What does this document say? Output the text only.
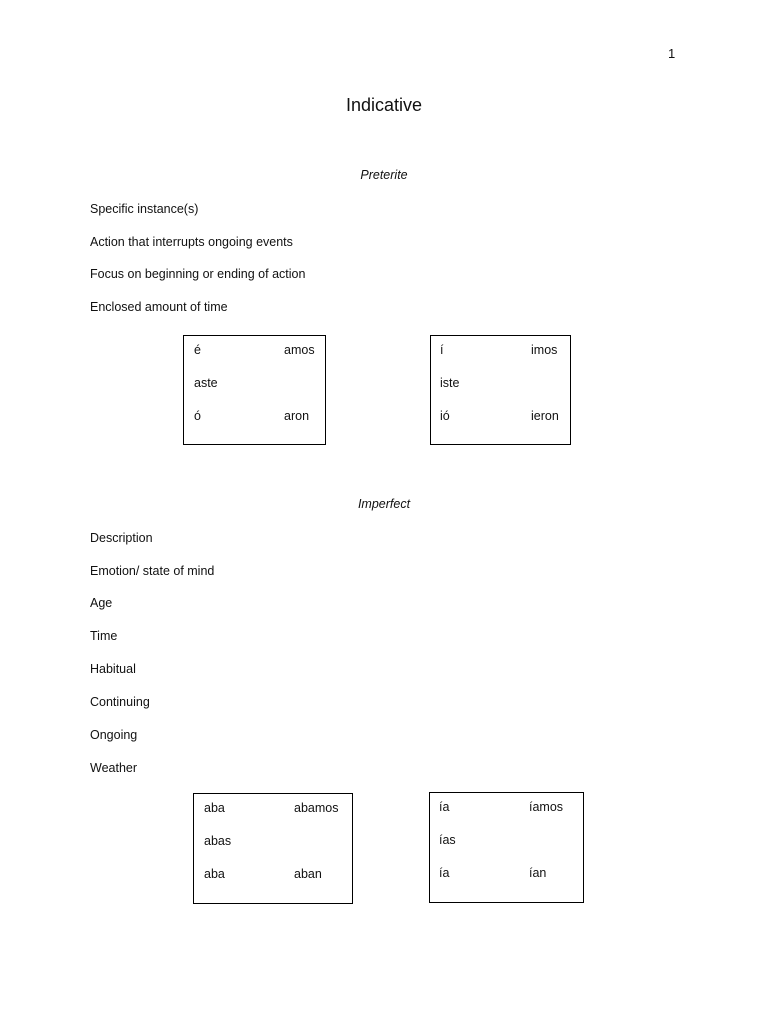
1
Indicative
Preterite
Specific instance(s)
Action that interrupts ongoing events
Focus on beginning or ending of action
Enclosed amount of time
é	amos
aste
ó	aron
í	imos
iste
ió	ieron
Imperfect
Description
Emotion/ state of mind
Age
Time
Habitual
Continuing
Ongoing
Weather
aba	abamos
abas
aba	aban
ía	íamos
ías
ía	ían
